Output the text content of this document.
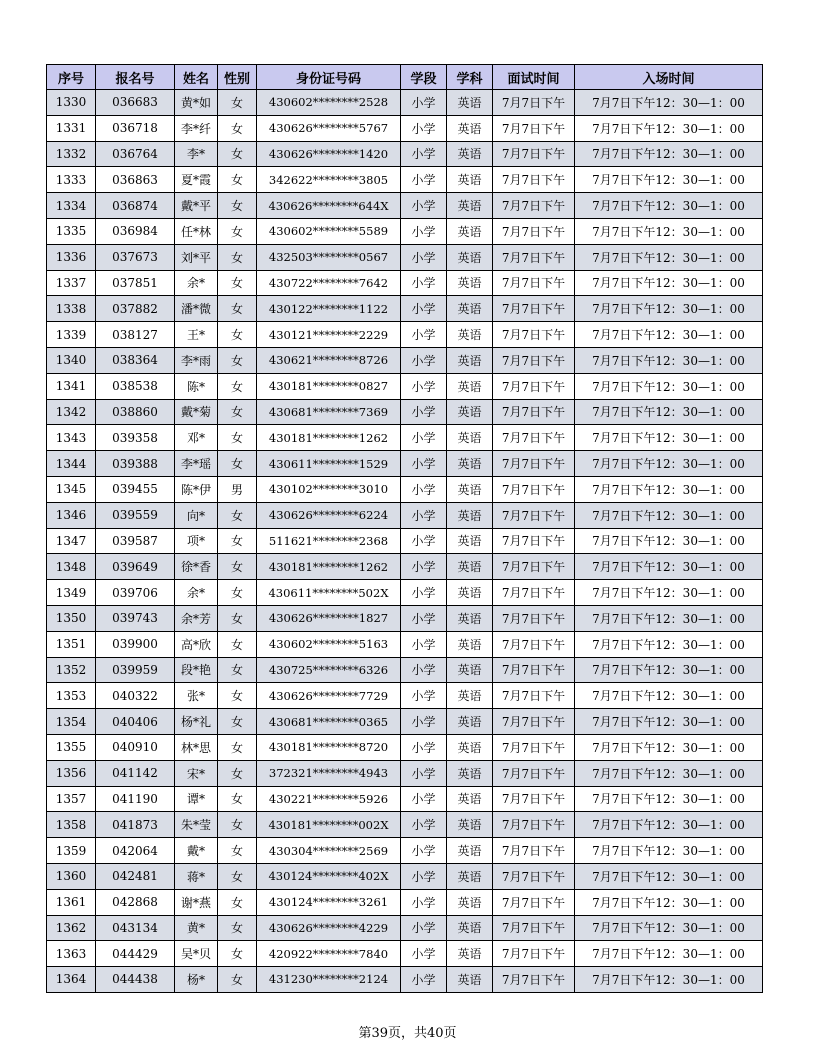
序号	报名号	姓名	性别	身份证号码	学段	学科	面试时间	入场时间
1330	036683	黄*如	女	430602********2528	小学	英语	7月7日下午	7月7日下午12：30—1：00
1331	036718	李*纤	女	430626********5767	小学	英语	7月7日下午	7月7日下午12：30—1：00
1332	036764	李*	女	430626********1420	小学	英语	7月7日下午	7月7日下午12：30—1：00
1333	036863	夏*霞	女	342622********3805	小学	英语	7月7日下午	7月7日下午12：30—1：00
1334	036874	戴*平	女	430626********644X	小学	英语	7月7日下午	7月7日下午12：30—1：00
1335	036984	任*林	女	430602********5589	小学	英语	7月7日下午	7月7日下午12：30—1：00
1336	037673	刘*平	女	432503********0567	小学	英语	7月7日下午	7月7日下午12：30—1：00
1337	037851	余*	女	430722********7642	小学	英语	7月7日下午	7月7日下午12：30—1：00
1338	037882	潘*微	女	430122********1122	小学	英语	7月7日下午	7月7日下午12：30—1：00
1339	038127	王*	女	430121********2229	小学	英语	7月7日下午	7月7日下午12：30—1：00
1340	038364	李*雨	女	430621********8726	小学	英语	7月7日下午	7月7日下午12：30—1：00
1341	038538	陈*	女	430181********0827	小学	英语	7月7日下午	7月7日下午12：30—1：00
1342	038860	戴*菊	女	430681********7369	小学	英语	7月7日下午	7月7日下午12：30—1：00
1343	039358	邓*	女	430181********1262	小学	英语	7月7日下午	7月7日下午12：30—1：00
1344	039388	李*瑶	女	430611********1529	小学	英语	7月7日下午	7月7日下午12：30—1：00
1345	039455	陈*伊	男	430102********3010	小学	英语	7月7日下午	7月7日下午12：30—1：00
1346	039559	向*	女	430626********6224	小学	英语	7月7日下午	7月7日下午12：30—1：00
1347	039587	项*	女	511621********2368	小学	英语	7月7日下午	7月7日下午12：30—1：00
1348	039649	徐*香	女	430181********1262	小学	英语	7月7日下午	7月7日下午12：30—1：00
1349	039706	余*	女	430611********502X	小学	英语	7月7日下午	7月7日下午12：30—1：00
1350	039743	余*芳	女	430626********1827	小学	英语	7月7日下午	7月7日下午12：30—1：00
1351	039900	高*欣	女	430602********5163	小学	英语	7月7日下午	7月7日下午12：30—1：00
1352	039959	段*艳	女	430725********6326	小学	英语	7月7日下午	7月7日下午12：30—1：00
1353	040322	张*	女	430626********7729	小学	英语	7月7日下午	7月7日下午12：30—1：00
1354	040406	杨*礼	女	430681********0365	小学	英语	7月7日下午	7月7日下午12：30—1：00
1355	040910	林*思	女	430181********8720	小学	英语	7月7日下午	7月7日下午12：30—1：00
1356	041142	宋*	女	372321********4943	小学	英语	7月7日下午	7月7日下午12：30—1：00
1357	041190	谭*	女	430221********5926	小学	英语	7月7日下午	7月7日下午12：30—1：00
1358	041873	朱*莹	女	430181********002X	小学	英语	7月7日下午	7月7日下午12：30—1：00
1359	042064	戴*	女	430304********2569	小学	英语	7月7日下午	7月7日下午12：30—1：00
1360	042481	蒋*	女	430124********402X	小学	英语	7月7日下午	7月7日下午12：30—1：00
1361	042868	谢*燕	女	430124********3261	小学	英语	7月7日下午	7月7日下午12：30—1：00
1362	043134	黄*	女	430626********4229	小学	英语	7月7日下午	7月7日下午12：30—1：00
1363	044429	吴*贝	女	420922********7840	小学	英语	7月7日下午	7月7日下午12：30—1：00
1364	044438	杨*	女	431230********2124	小学	英语	7月7日下午	7月7日下午12：30—1：00
第39页，共40页
